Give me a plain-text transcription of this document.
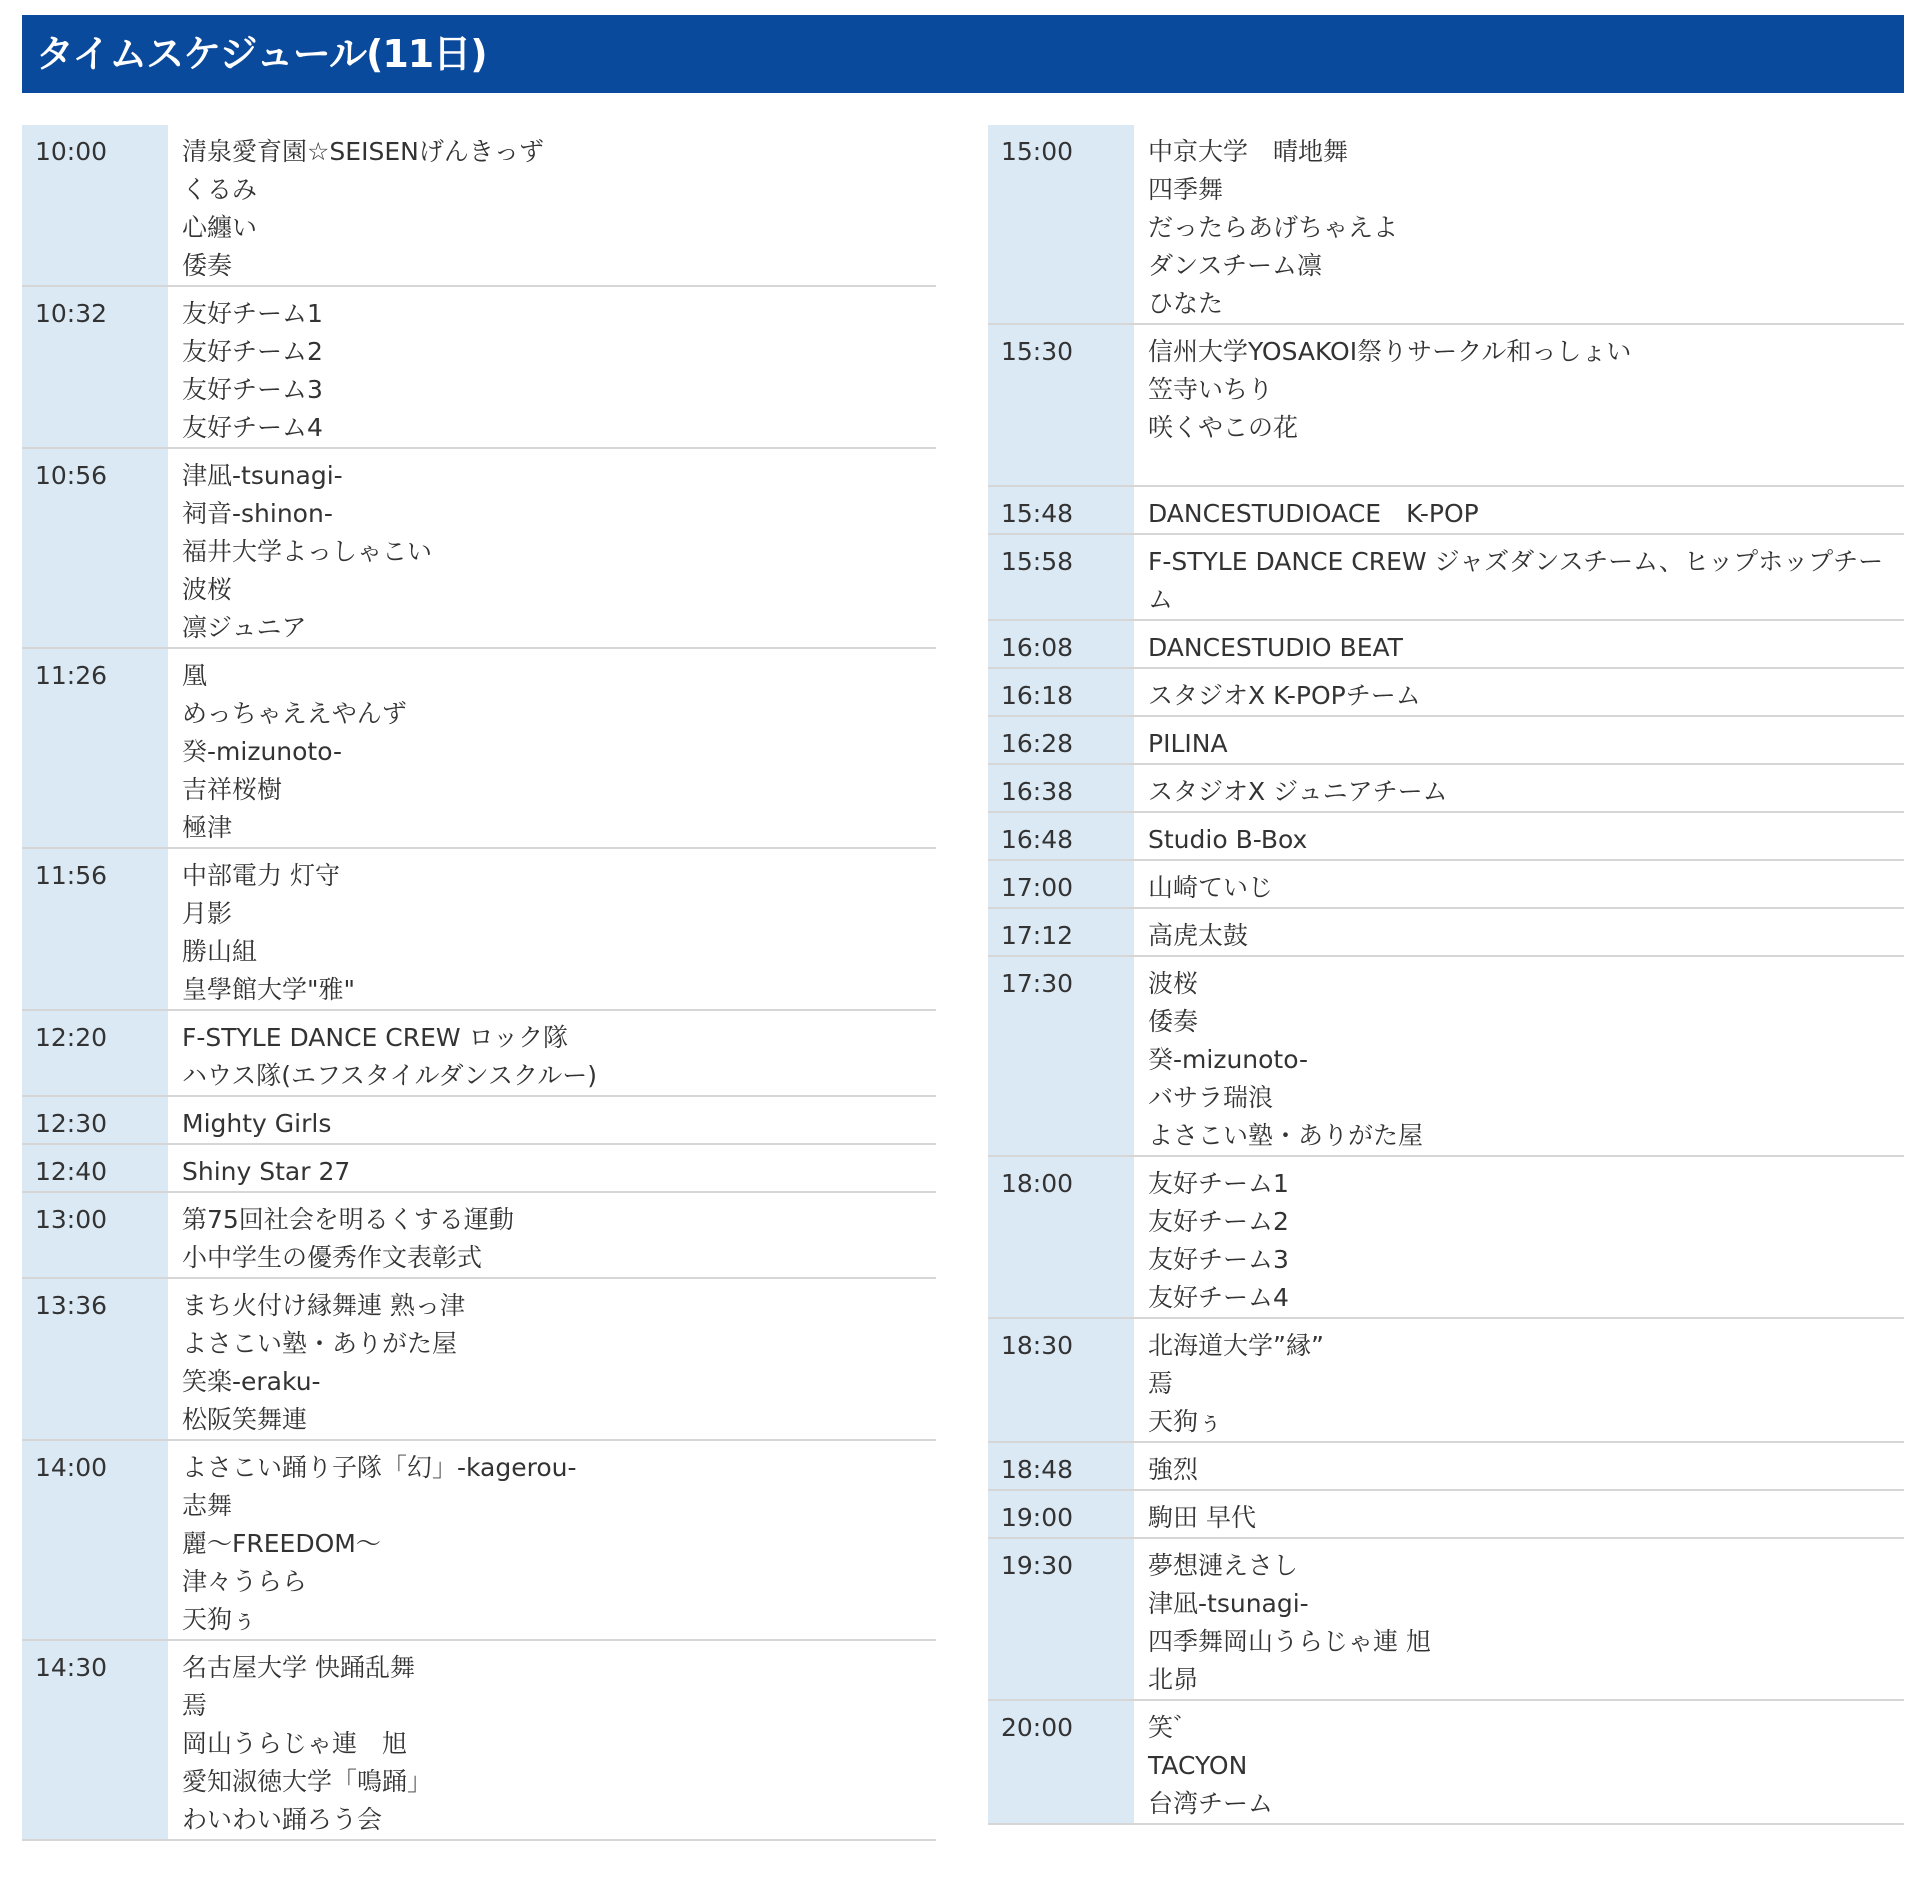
タイムスケジュール(11日)
10:00	清泉愛育園☆SEISENげんきっず
くるみ
心纏い
倭奏
10:32	友好チーム1
友好チーム2
友好チーム3
友好チーム4
10:56	津凪-tsunagi-
祠音-shinon-
福井大学よっしゃこい
波桜
凛ジュニア
11:26	凰
めっちゃええやんず
癸-mizunoto-
吉祥桜樹
極津
11:56	中部電力 灯守
月影
勝山組
皇學館大学"雅"
12:20	F-STYLE DANCE CREW ロック隊
ハウス隊(エフスタイルダンスクルー)
12:30	Mighty Girls
12:40	Shiny Star 27
13:00	第75回社会を明るくする運動
小中学生の優秀作文表彰式
13:36	まち火付け縁舞連 熟っ津
よさこい塾・ありがた屋
笑楽-eraku-
松阪笑舞連
14:00	よさこい踊り子隊「幻」-kagerou-
志舞
麗～FREEDOM～
津々うらら
天狗ぅ
14:30	名古屋大学 快踊乱舞
焉
岡山うらじゃ連　旭
愛知淑徳大学「鳴踊」
わいわい踊ろう会
15:00	中京大学　晴地舞
四季舞
だったらあげちゃえよ
ダンスチーム凛
ひなた
15:30	信州大学YOSAKOI祭りサークル和っしょい
笠寺いちり
咲くやこの花

15:48	DANCESTUDIOACE　K-POP
15:58	F-STYLE DANCE CREW ジャズダンスチーム、ヒップホップチーム
16:08	DANCESTUDIO BEAT
16:18	スタジオX K-POPチーム
16:28	PILINA
16:38	スタジオX ジュニアチーム
16:48	Studio B-Box
17:00	山崎ていじ
17:12	高虎太鼓
17:30	波桜
倭奏
癸-mizunoto-
バサラ瑞浪
よさこい塾・ありがた屋
18:00	友好チーム1
友好チーム2
友好チーム3
友好チーム4
18:30	北海道大学”縁”
焉
天狗ぅ
18:48	強烈
19:00	駒田 早代
19:30	夢想漣えさし
津凪-tsunagi-
四季舞岡山うらじゃ連 旭
北昴
20:00	笑゛
TACYON
台湾チーム
